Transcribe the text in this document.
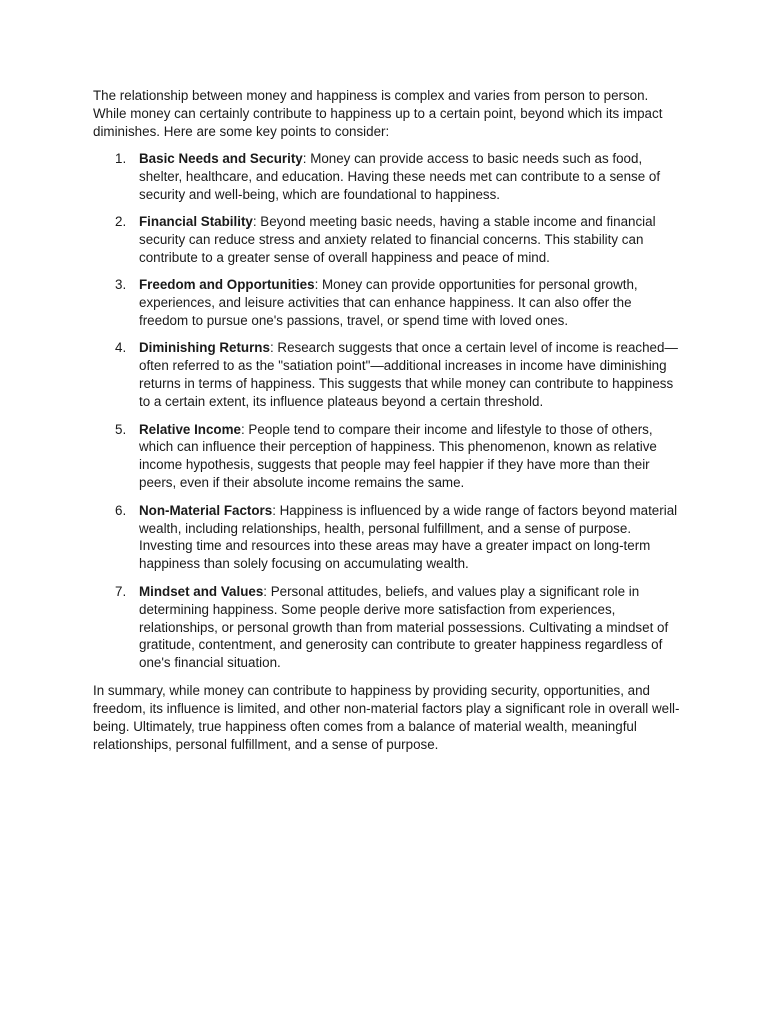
The relationship between money and happiness is complex and varies from person to person. While money can certainly contribute to happiness up to a certain point, beyond which its impact diminishes. Here are some key points to consider:

1. Basic Needs and Security: Money can provide access to basic needs such as food, shelter, healthcare, and education. Having these needs met can contribute to a sense of security and well-being, which are foundational to happiness.
2. Financial Stability: Beyond meeting basic needs, having a stable income and financial security can reduce stress and anxiety related to financial concerns. This stability can contribute to a greater sense of overall happiness and peace of mind.
3. Freedom and Opportunities: Money can provide opportunities for personal growth, experiences, and leisure activities that can enhance happiness. It can also offer the freedom to pursue one's passions, travel, or spend time with loved ones.
4. Diminishing Returns: Research suggests that once a certain level of income is reached—often referred to as the "satiation point"—additional increases in income have diminishing returns in terms of happiness. This suggests that while money can contribute to happiness to a certain extent, its influence plateaus beyond a certain threshold.
5. Relative Income: People tend to compare their income and lifestyle to those of others, which can influence their perception of happiness. This phenomenon, known as relative income hypothesis, suggests that people may feel happier if they have more than their peers, even if their absolute income remains the same.
6. Non-Material Factors: Happiness is influenced by a wide range of factors beyond material wealth, including relationships, health, personal fulfillment, and a sense of purpose. Investing time and resources into these areas may have a greater impact on long-term happiness than solely focusing on accumulating wealth.
7. Mindset and Values: Personal attitudes, beliefs, and values play a significant role in determining happiness. Some people derive more satisfaction from experiences, relationships, or personal growth than from material possessions. Cultivating a mindset of gratitude, contentment, and generosity can contribute to greater happiness regardless of one's financial situation.

In summary, while money can contribute to happiness by providing security, opportunities, and freedom, its influence is limited, and other non-material factors play a significant role in overall well-being. Ultimately, true happiness often comes from a balance of material wealth, meaningful relationships, personal fulfillment, and a sense of purpose.
